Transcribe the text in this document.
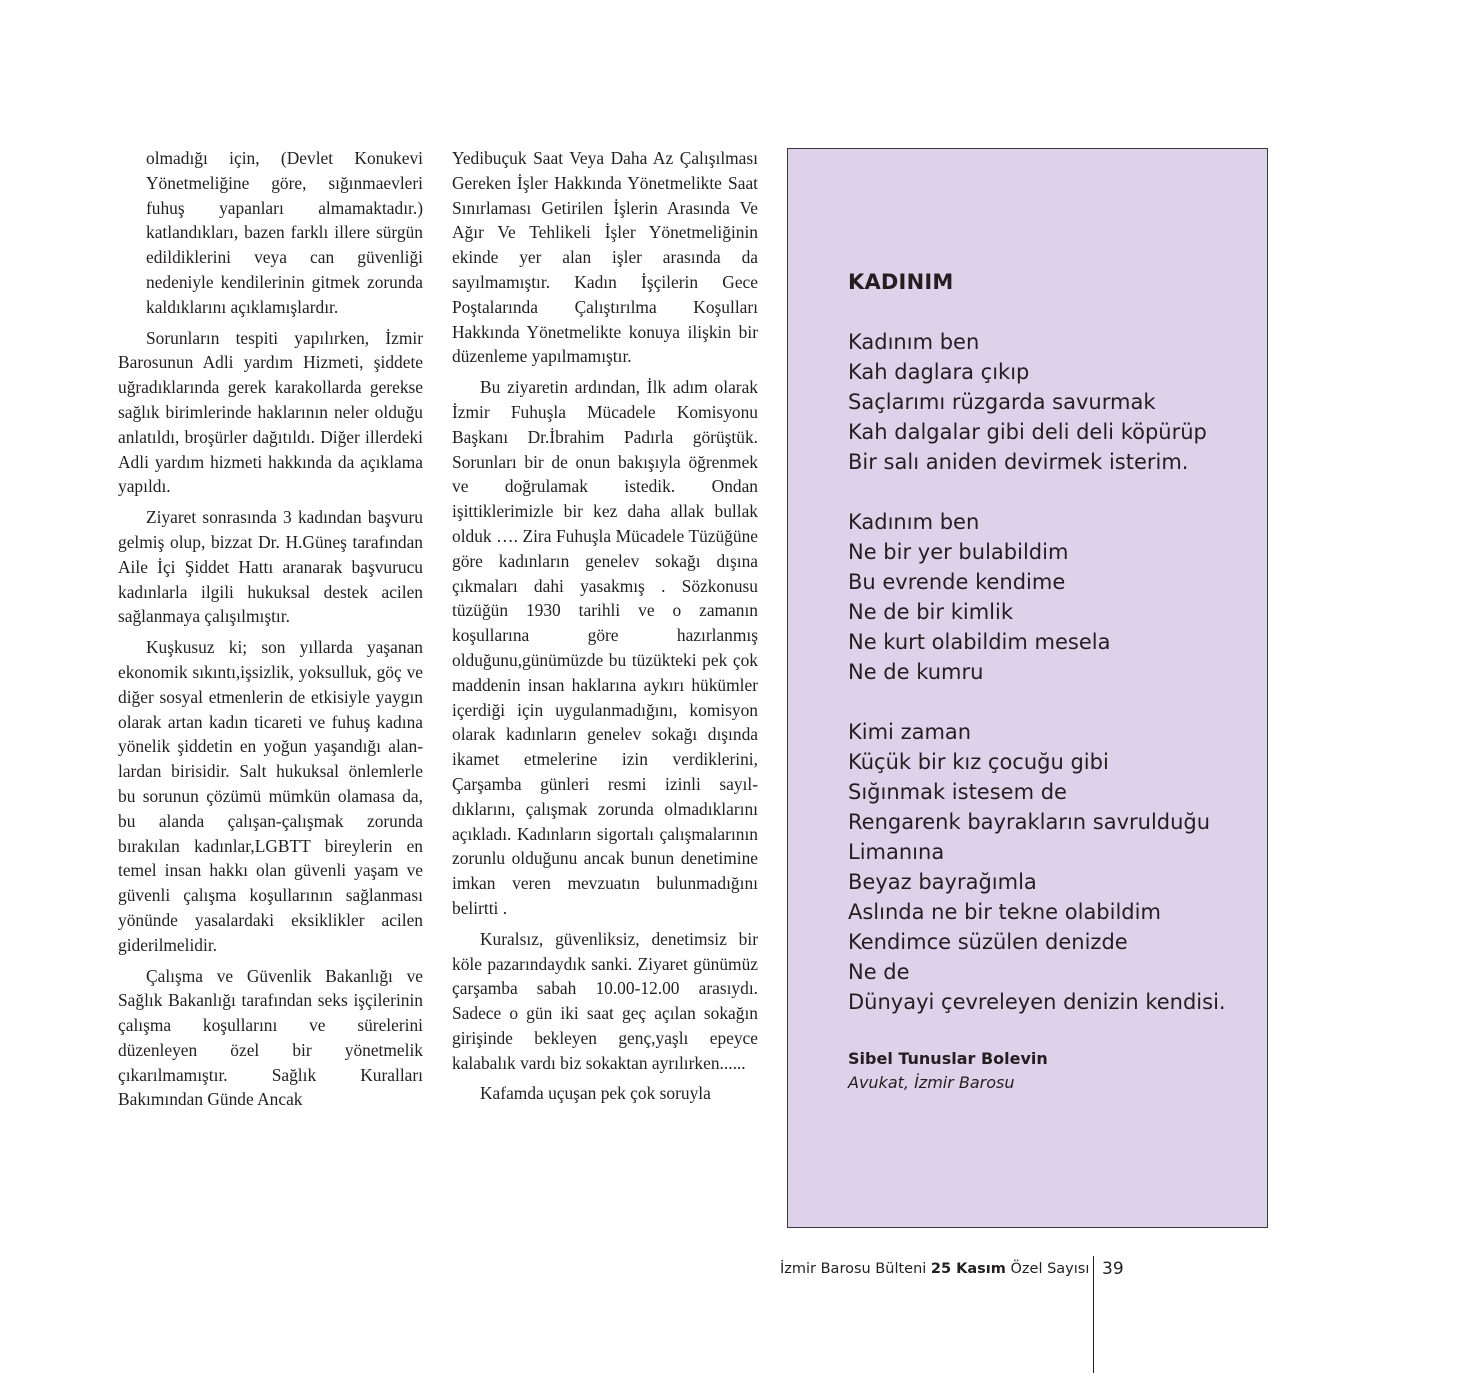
olmadığı için, (Devlet Konukevi Yönetmeliğine göre, sığınmaevleri fuhuş yapanları almamaktadır.) katlandıkları, bazen farklı illere sürgün edildiklerini veya can güvenliği nedeniyle kendilerinin gitmek zorunda kaldıklarını açıklamışlardır.

Sorunların tespiti yapılırken, İzmir Barosunun Adli yardım Hizmeti, şiddete uğradıklarında gerek karakollarda gerekse sağlık birimlerinde haklarının neler olduğu anlatıldı, broşürler dağıtıldı. Diğer illerdeki Adli yardım hizmeti hakkında da açıklama yapıldı.

Ziyaret sonrasında 3 kadından başvuru gelmiş olup, bizzat Dr. H.Güneş tarafından Aile İçi Şiddet Hattı aranarak başvurucu kadınlarla ilgili hukuksal destek acilen sağlanmaya çalışılmıştır.

Kuşkusuz ki; son yıllarda yaşanan ekonomik sıkıntı,işsizlik, yoksulluk, göç ve diğer sosyal etmenlerin de etkisiyle yaygın olarak artan kadın ticareti ve fuhuş kadına yönelik şiddetin en yoğun yaşandığı alanlardan birisidir. Salt hukuksal önlemlerle bu sorunun çözümü mümkün olamasa da, bu alanda çalışan-çalışmak zorunda bırakılan kadınlar,LGBTT bireylerin en temel insan hakkı olan güvenli yaşam ve güvenli çalışma koşullarının sağlanması yönünde yasalardaki eksiklikler acilen giderilmelidir.

Çalışma ve Güvenlik Bakanlığı ve Sağlık Bakanlığı tarafından seks işçilerinin çalışma koşullarını ve sürelerini düzenleyen özel bir yönetmelik çıkarılmamıştır. Sağlık Kuralları Bakımından Günde Ancak

Yedibuçuk Saat Veya Daha Az Çalışılması Gereken İşler Hakkında Yönetmelikte Saat Sınırlaması Getirilen İşlerin Arasında Ve Ağır Ve Tehlikeli İşler Yönetmeliğinin ekinde yer alan işler arasında da sayılmamıştır. Kadın İşçilerin Gece Poştalarında Çalıştırılma Koşulları Hakkında Yönetmelikte konuya ilişkin bir düzenleme yapılmamıştır.

Bu ziyaretin ardından, İlk adım olarak İzmir Fuhuşla Mücadele Komisyonu Başkanı Dr.İbrahim Padırla görüştük. Sorunları bir de onun bakışıyla öğrenmek ve doğrulamak istedik. Ondan işittiklerimizle bir kez daha allak bullak olduk …. Zira Fuhuşla Mücadele Tüzüğüne göre kadınların genelev sokağı dışına çıkmaları dahi yasakmış . Sözkonusu tüzüğün 1930 tarihli ve o zamanın koşullarına göre hazırlanmış olduğunu,günümüzde bu tüzükteki pek çok maddenin insan haklarına aykırı hükümler içerdiği için uygulanmadığını, komisyon olarak kadınların genelev sokağı dışında ikamet etmelerine izin verdiklerini, Çarşamba günleri resmi izinli sayıldıklarını, çalışmak zorunda olmadıklarını açıkladı. Kadınların sigortalı çalışmalarının zorunlu olduğunu ancak bunun denetimine imkan veren mevzuatın bulunmadığını belirtti .

Kuralsız, güvenliksiz, denetimsiz bir köle pazarındaydık sanki. Ziyaret günümüz çarşamba sabah 10.00-12.00 arasıydı. Sadece o gün iki saat geç açılan sokağın girişinde bekleyen genç,yaşlı epeyce kalabalık vardı biz sokaktan ayrılırken......

Kafamda uçuşan pek çok soruyla

KADINIM
Kadınım ben
Kah daglara çıkıp
Saçlarımı rüzgarda savurmak
Kah dalgalar gibi deli deli köpürüp
Bir salı aniden devirmek isterim.
Kadınım ben
Ne bir yer bulabildim
Bu evrende kendime
Ne de bir kimlik
Ne kurt olabildim mesela
Ne de kumru
Kimi zaman
Küçük bir kız çocuğu gibi
Sığınmak istesem de
Rengarenk bayrakların savrulduğu
Limanına
Beyaz bayrağımla
Aslında ne bir tekne olabildim
Kendimce süzülen denizde
Ne de
Dünyayi çevreleyen denizin kendisi.
Sibel Tunuslar Bolevin
Avukat, İzmir Barosu
İzmir Barosu Bülteni 25 Kasım Özel Sayısı 39
